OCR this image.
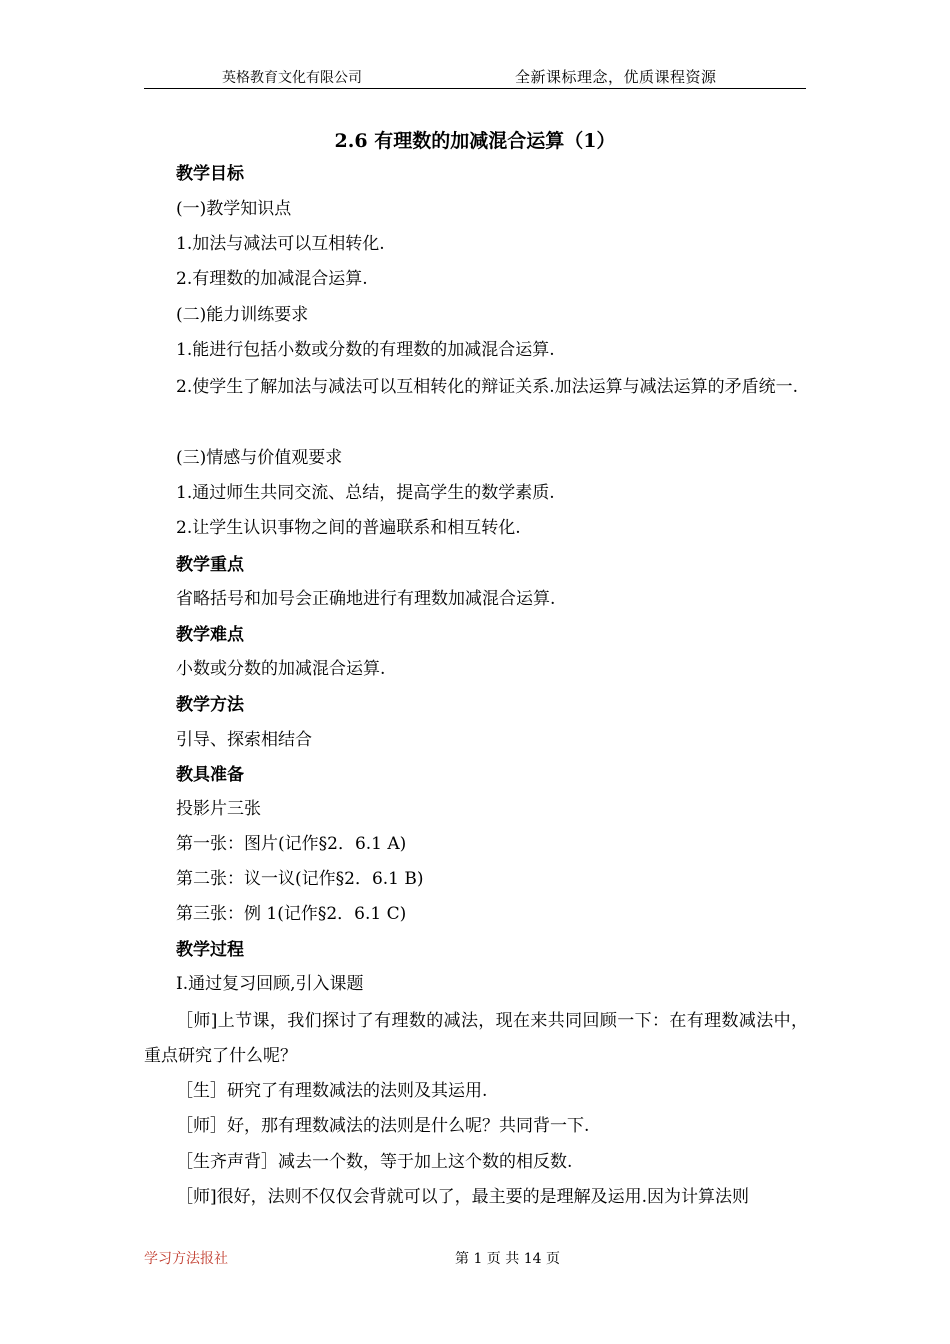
英格教育文化有限公司	全新课标理念，优质课程资源
2.6 有理数的加减混合运算（1）
教学目标
(一)教学知识点
1.加法与减法可以互相转化.
2.有理数的加减混合运算.
(二)能力训练要求
1.能进行包括小数或分数的有理数的加减混合运算.
2.使学生了解加法与减法可以互相转化的辩证关系.加法运算与减法运算的矛盾统一.
(三)情感与价值观要求
1.通过师生共同交流、总结，提高学生的数学素质.
2.让学生认识事物之间的普遍联系和相互转化.
教学重点
省略括号和加号会正确地进行有理数加减混合运算.
教学难点
小数或分数的加减混合运算.
教学方法
引导、探索相结合
教具准备
投影片三张
第一张：图片(记作§2．6.1 A)
第二张：议一议(记作§2．6.1 B)
第三张：例 1(记作§2．6.1 C)
教学过程
Ⅰ.通过复习回顾,引入课题
［师]上节课，我们探讨了有理数的减法，现在来共同回顾一下：在有理数减法中，重点研究了什么呢？
［生］研究了有理数减法的法则及其运用.
［师］好，那有理数减法的法则是什么呢？共同背一下.
［生齐声背］减去一个数，等于加上这个数的相反数.
［师]很好，法则不仅仅会背就可以了，最主要的是理解及运用.因为计算法则
学习方法报社	第 1 页 共 14 页
